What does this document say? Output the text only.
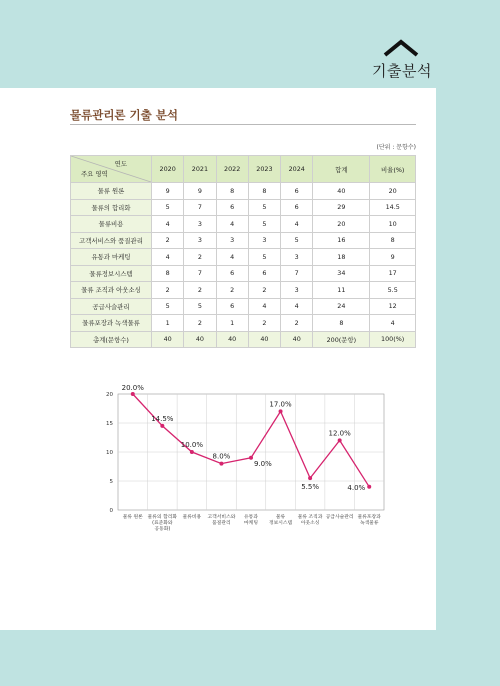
기출분석
물류관리론 기출 분석
(단위 : 문항수)
연도
주요 영역	2020	2021	2022	2023	2024	합계	비율(%)
물류 원론	9	9	8	8	6	40	20
물류의 합리화	5	7	6	5	6	29	14.5
물류비용	4	3	4	5	4	20	10
고객서비스와 품질관리	2	3	3	3	5	16	8
유통과 마케팅	4	2	4	5	3	18	9
물류정보시스템	8	7	6	6	7	34	17
물류 조직과 아웃소싱	2	2	2	2	3	11	5.5
공급사슬관리	5	5	6	4	4	24	12
물류포장과 녹색물류	1	2	1	2	2	8	4
총계(문항수)	40	40	40	40	40	200(문항)	100(%)
0
5
10
15
20
20.0%
14.5%
10.0%
8.0%
9.0%
17.0%
5.5%
12.0%
4.0%
물류 원론 물류의 합리화
(표준화와
공동화)
물류비용 고객서비스와
품질관리
유통과
마케팅
물류
정보시스템
물류 조직과
아웃소싱
공급사슬관리 물류포장과
녹색물류
